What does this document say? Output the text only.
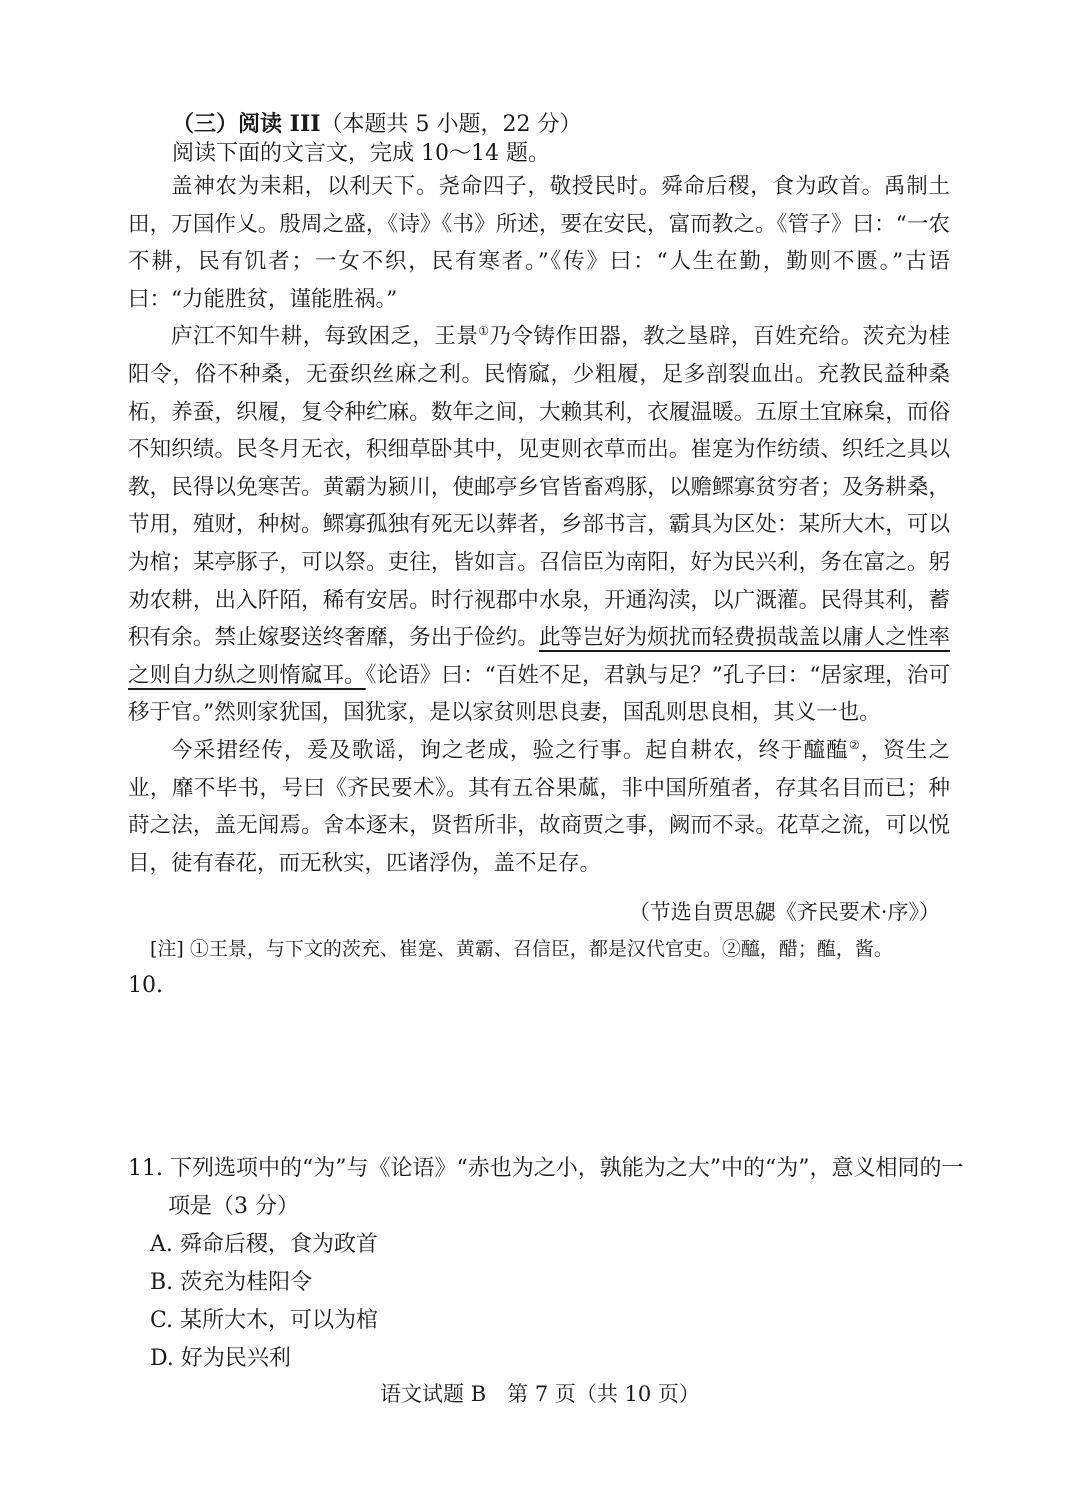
（三）阅读 III（本题共 5 小题，22 分）
阅读下面的文言文，完成 10～14 题。

盖神农为耒耜，以利天下。尧命四子，敬授民时。舜命后稷，食为政首。禹制土田，万国作乂。殷周之盛，《诗》《书》所述，要在安民，富而教之。《管子》曰：“一农不耕，民有饥者；一女不织，民有寒者。”《传》曰：“人生在勤，勤则不匮。”古语曰：“力能胜贫，谨能胜祸。”

庐江不知牛耕，每致困乏，王景①乃令铸作田器，教之垦辟，百姓充给。茨充为桂阳令，俗不种桑，无蚕织丝麻之利。民惰窳，少粗履，足多剖裂血出。充教民益种桑柘，养蚕，织履，复令种纻麻。数年之间，大赖其利，衣履温暖。五原土宜麻枲，而俗不知织绩。民冬月无衣，积细草卧其中，见吏则衣草而出。崔寔为作纺绩、织纴之具以教，民得以免寒苦。黄霸为颍川，使邮亭乡官皆畜鸡豚，以赡鳏寡贫穷者；及务耕桑，节用，殖财，种树。鳏寡孤独有死无以葬者，乡部书言，霸具为区处：某所大木，可以为棺；某亭豚子，可以祭。吏往，皆如言。召信臣为南阳，好为民兴利，务在富之。躬劝农耕，出入阡陌，稀有安居。时行视郡中水泉，开通沟渎，以广溉灌。民得其利，蓄积有余。禁止嫁娶送终奢靡，务出于俭约。此等岂好为烦扰而轻费损哉盖以庸人之性率之则自力纵之则惰窳耳。《论语》曰：“百姓不足，君孰与足？”孔子曰：“居家理，治可移于官。”然则家犹国，国犹家，是以家贫则思良妻，国乱则思良相，其义一也。

今采捃经传，爰及歌谣，询之老成，验之行事。起自耕农，终于醯醢②，资生之业，靡不毕书，号曰《齐民要术》。其有五谷果蓏，非中国所殖者，存其名目而已；种莳之法，盖无闻焉。舍本逐末，贤哲所非，故商贾之事，阙而不录。花草之流，可以悦目，徒有春花，而无秋实，匹诸浮伪，盖不足存。

（节选自贾思勰《齐民要术·序》）
[注] ①王景，与下文的茨充、崔寔、黄霸、召信臣，都是汉代官吏。②醯，醋；醢，酱。
10.
11. 下列选项中的“为”与《论语》“赤也为之小，孰能为之大”中的“为”，意义相同的一
项是（3 分）
A. 舜命后稷，食为政首
B. 茨充为桂阳令
C. 某所大木，可以为棺
D. 好为民兴利
语文试题 B　第 7 页（共 10 页）
